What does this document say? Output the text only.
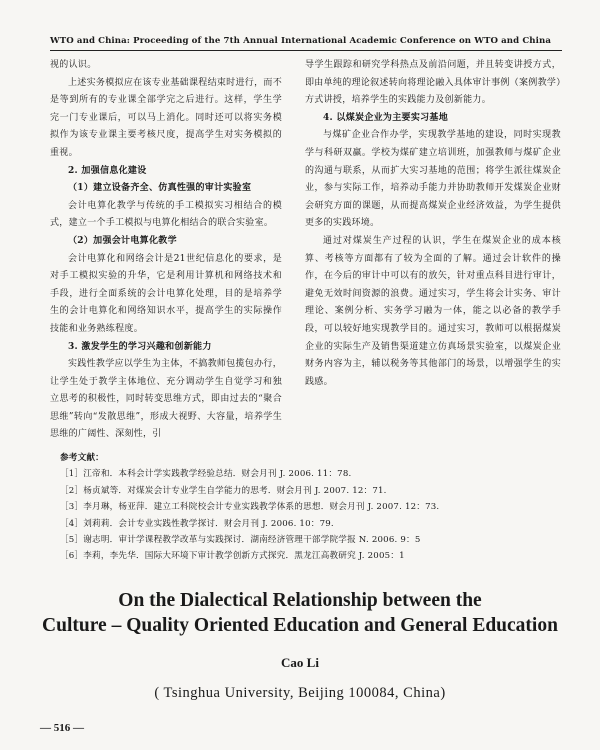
WTO and China: Proceeding of the 7th Annual International Academic Conference on WTO and China

视的认识。

上述实务模拟应在该专业基础课程结束时进行，而不是等到所有的专业课全部学完之后进行。这样，学生学完一门专业课后，可以马上消化。同时还可以将实务模拟作为该专业课主要考核尺度，提高学生对实务模拟的重视。

2. 加强信息化建设

（1）建立设备齐全、仿真性强的审计实验室

会计电算化教学与传统的手工模拟实习相结合的模式，建立一个手工模拟与电算化相结合的联合实验室。

（2）加强会计电算化教学

会计电算化和网络会计是21世纪信息化的要求，是对手工模拟实验的升华，它是利用计算机和网络技术和手段，进行全面系统的会计电算化处理，目的是培养学生的会计电算化和网络知识水平，提高学生的实际操作技能和业务熟练程度。

3. 激发学生的学习兴趣和创新能力

实践性教学应以学生为主体，不搞教师包揽包办行，让学生处于教学主体地位、充分调动学生自觉学习和独立思考的积极性，同时转变思维方式，即由过去的“聚合思维”转向“发散思维”，形成大视野、大容量，培养学生思维的广阔性、深刻性，引

导学生跟踪和研究学科热点及前沿问题，并且转变讲授方式，即由单纯的理论叙述转向将理论融入具体审计事例（案例教学）方式讲授，培养学生的实践能力及创新能力。

4. 以煤炭企业为主要实习基地

与煤矿企业合作办学，实现教学基地的建设，同时实现教学与科研双赢。学校为煤矿建立培训班，加强教师与煤矿企业的沟通与联系，从而扩大实习基地的范围；将学生派往煤炭企业，参与实际工作，培养动手能力并协助教师开发煤炭企业财会研究方面的课题，从而提高煤炭企业经济效益，为学生提供更多的实践环境。

通过对煤炭生产过程的认识，学生在煤炭企业的成本核算、考核等方面都有了较为全面的了解。通过会计软件的操作，在今后的审计中可以有的放矢，针对重点科目进行审计，避免无效时间资源的浪费。通过实习，学生将会计实务、审计理论、案例分析、实务学习融为一体，能之以必备的教学手段，可以较好地实现教学目的。通过实习，教师可以根据煤炭企业的实际生产及销售渠道建立仿真场景实验室，以煤炭企业财务内容为主，辅以税务等其他部门的场景，以增强学生的实践感。

参考文献：
［1］江帝和．本科会计学实践教学经验总结．财会月刊 J. 2006. 11：78.
［2］杨贞斌等．对煤炭会计专业学生自学能力的思考．财会月刊 J. 2007. 12：71.
［3］李月琳，杨亚萍．建立工科院校会计专业实践教学体系的思想．财会月刊 J. 2007. 12：73.
［4］刘莉莉．会计专业实践性教学探讨．财会月刊 J. 2006. 10：79.
［5］谢志明．审计学课程教学改革与实践探讨．湖南经济管理干部学院学报 N. 2006. 9：5
［6］李莉，李先华．国际大环境下审计教学创新方式探究．黑龙江高教研究 J. 2005：1
On the Dialectical Relationship between the
Culture – Quality Oriented Education and General Education
Cao Li
( Tsinghua University, Beijing 100084, China)
— 516 —
